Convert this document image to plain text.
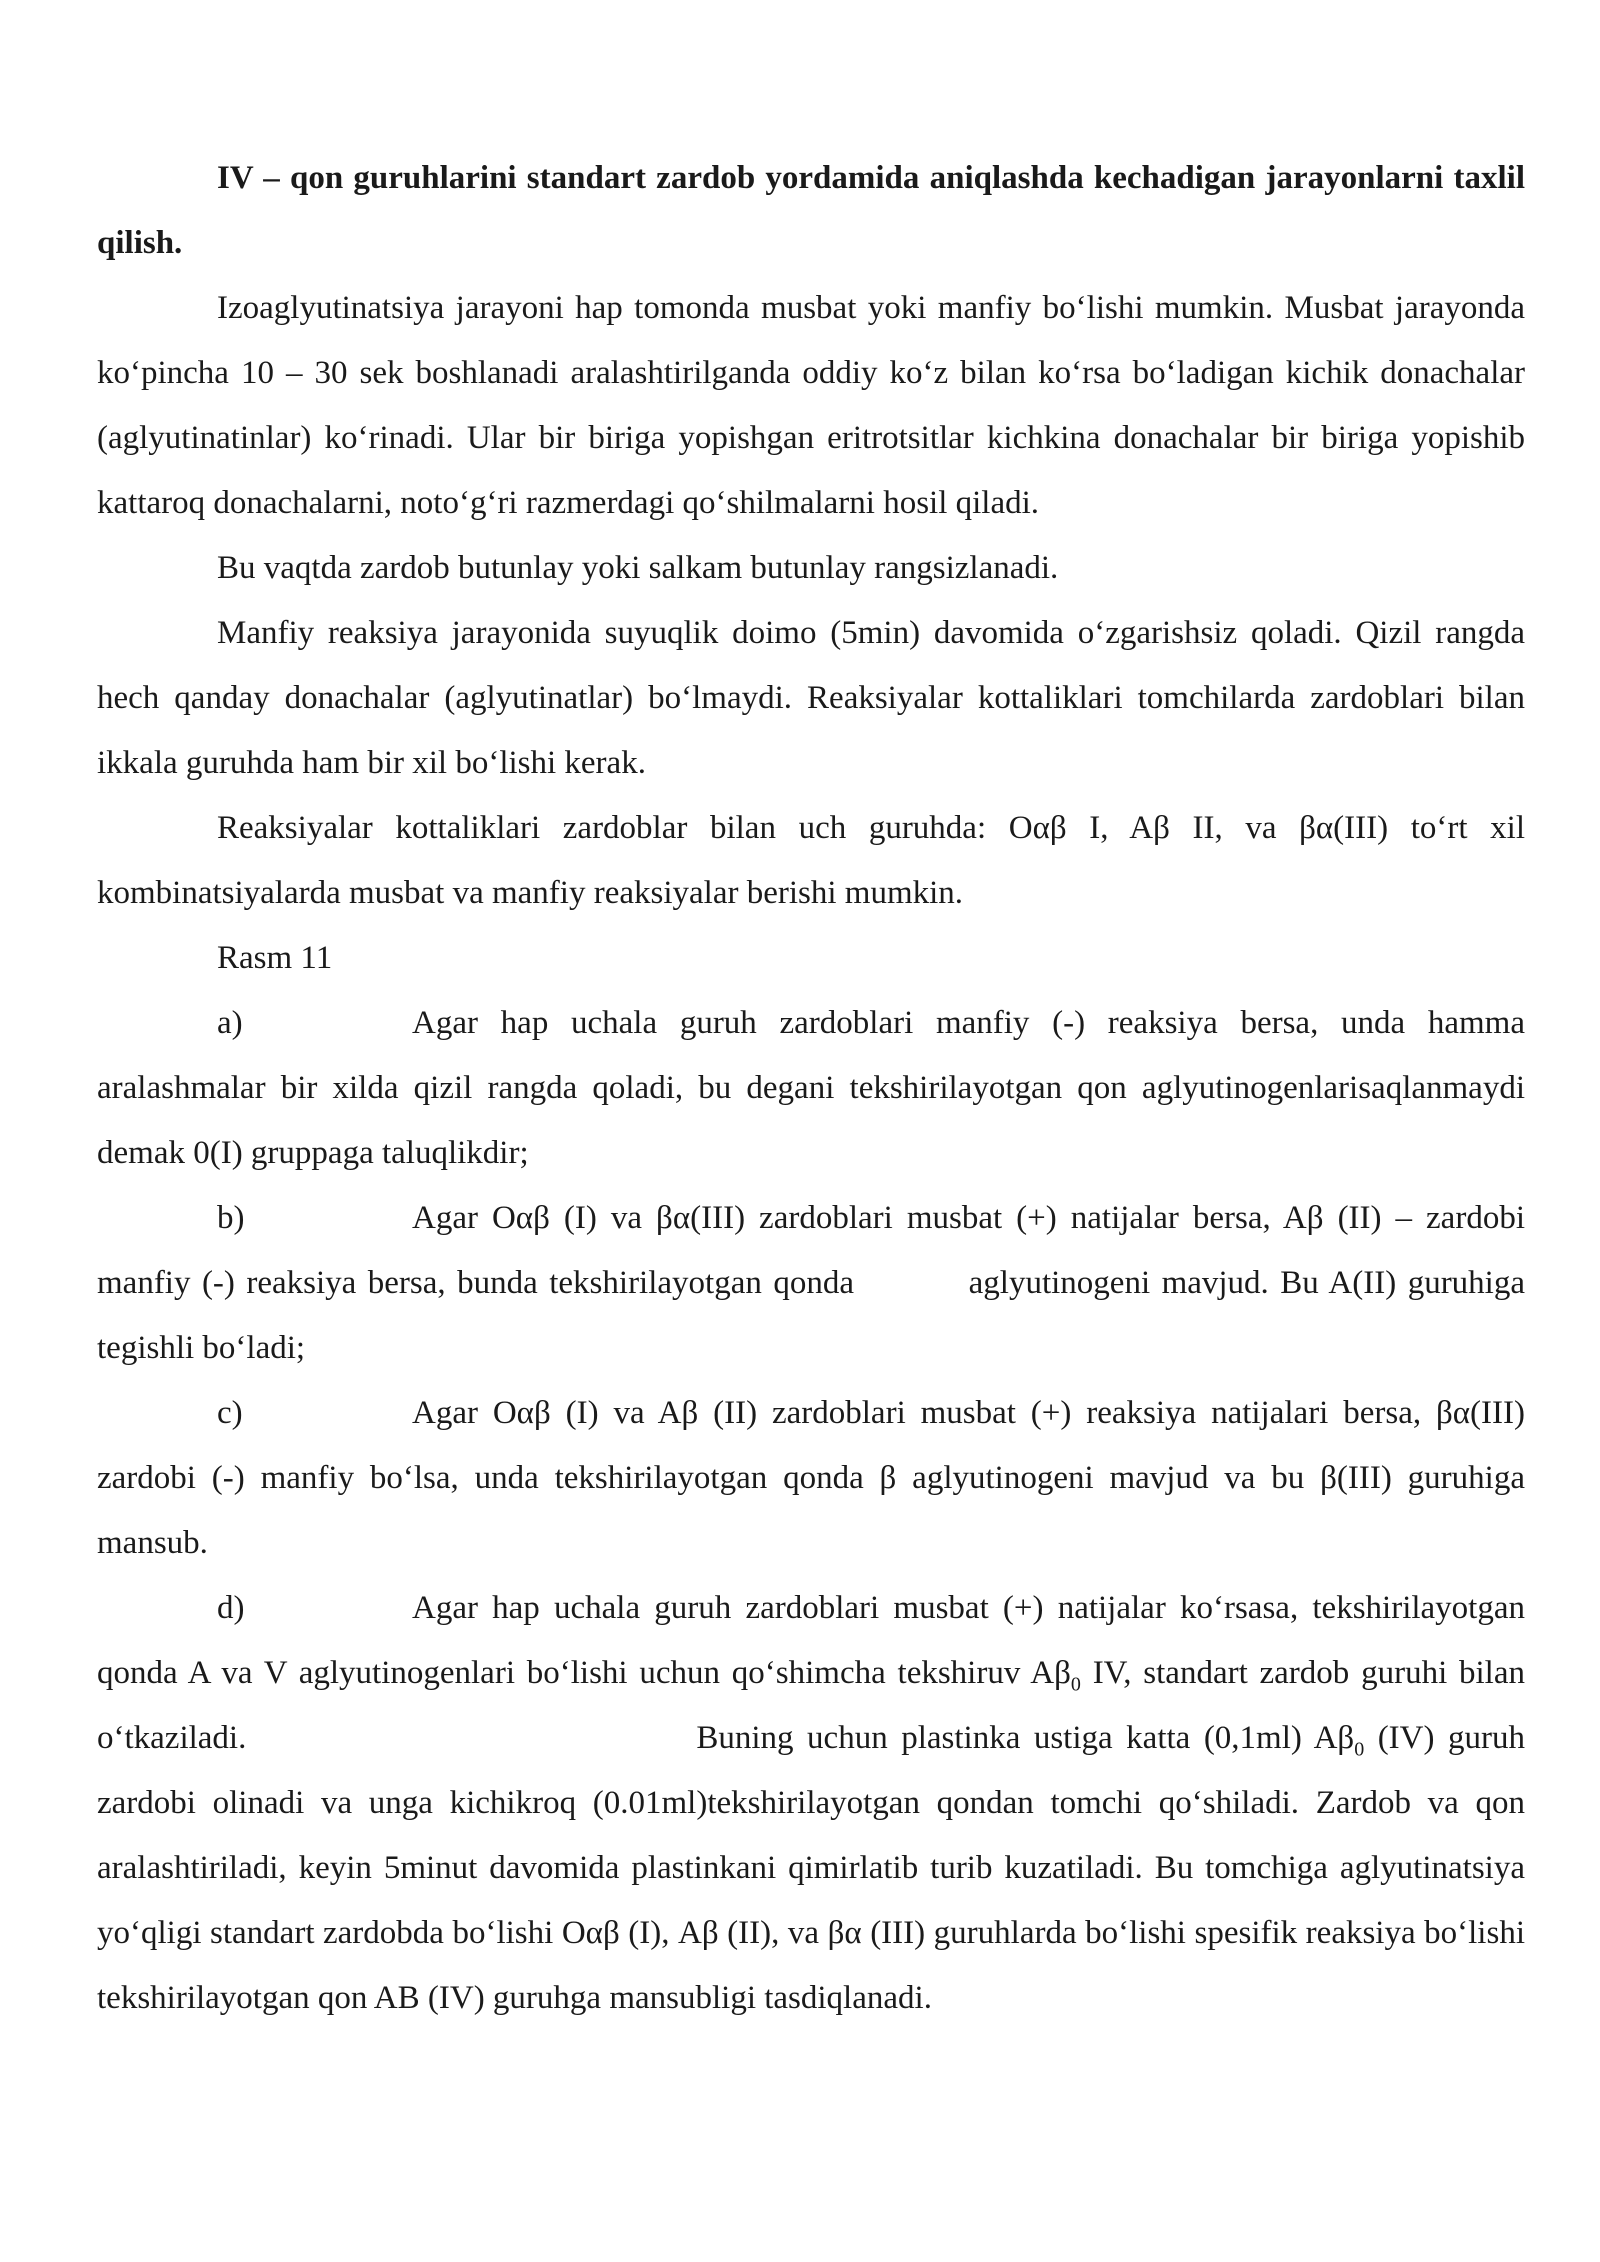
IV – qon guruhlarini standart zardob yordamida aniqlashda kechadigan jarayonlarni taxlil qilish.

Izoaglyutinatsiya jarayoni hap tomonda musbat yoki manfiy bo‘lishi mumkin. Musbat jarayonda ko‘pincha 10 – 30 sek boshlanadi aralashtirilganda oddiy ko‘z bilan ko‘rsa bo‘ladigan kichik donachalar (aglyutinatinlar) ko‘rinadi. Ular bir biriga yopishgan eritrotsitlar kichkina donachalar bir biriga yopishib kattaroq donachalarni, noto‘g‘ri razmerdagi qo‘shilmalarni hosil qiladi.

Bu vaqtda zardob butunlay yoki salkam butunlay rangsizlanadi.

Manfiy reaksiya jarayonida suyuqlik doimo (5min) davomida o‘zgarishsiz qoladi. Qizil rangda hech qanday donachalar (aglyutinatlar) bo‘lmaydi. Reaksiyalar kottaliklari tomchilarda zardoblari bilan ikkala guruhda ham bir xil bo‘lishi kerak.

Reaksiyalar kottaliklari zardoblar bilan uch guruhda: Oαβ I, Aβ II, va βα(III) to‘rt xil kombinatsiyalarda musbat va manfiy reaksiyalar berishi mumkin.

Rasm 11

a)	Agar hap uchala guruh zardoblari manfiy (-) reaksiya bersa, unda hamma aralashmalar bir xilda qizil rangda qoladi, bu degani tekshirilayotgan qon aglyutinogenlarisaqlanmaydi demak 0(I) gruppaga taluqlikdir;

b)	Agar Oαβ (I) va βα(III) zardoblari musbat (+) natijalar bersa, Aβ (II) – zardobi manfiy (-) reaksiya bersa, bunda tekshirilayotgan qonda          aglyutinogeni mavjud. Bu A(II) guruhiga tegishli bo‘ladi;

c)	Agar Oαβ (I) va Aβ (II) zardoblari musbat (+) reaksiya natijalari bersa, βα(III) zardobi (-) manfiy bo‘lsa, unda tekshirilayotgan qonda β aglyutinogeni mavjud va bu β(III) guruhiga mansub.

d)	Agar hap uchala guruh zardoblari musbat (+) natijalar ko‘rsasa, tekshirilayotgan qonda A va V aglyutinogenlari bo‘lishi uchun qo‘shimcha tekshiruv $A\beta_0$ IV, standart zardob guruhi bilan o‘tkaziladi.	Buning uchun plastinka ustiga katta (0,1ml) $A\beta_0$ (IV) guruh zardobi olinadi va unga kichikroq (0.01ml)tekshirilayotgan qondan tomchi qo‘shiladi. Zardob va qon aralashtiriladi, keyin 5minut davomida plastinkani qimirlatib turib kuzatiladi. Bu tomchiga aglyutinatsiya yo‘qligi standart zardobda bo‘lishi Oαβ (I), Aβ (II), va βα (III) guruhlarda bo‘lishi spesifik reaksiya bo‘lishi tekshirilayotgan qon AB (IV) guruhga mansubligi tasdiqlanadi.
